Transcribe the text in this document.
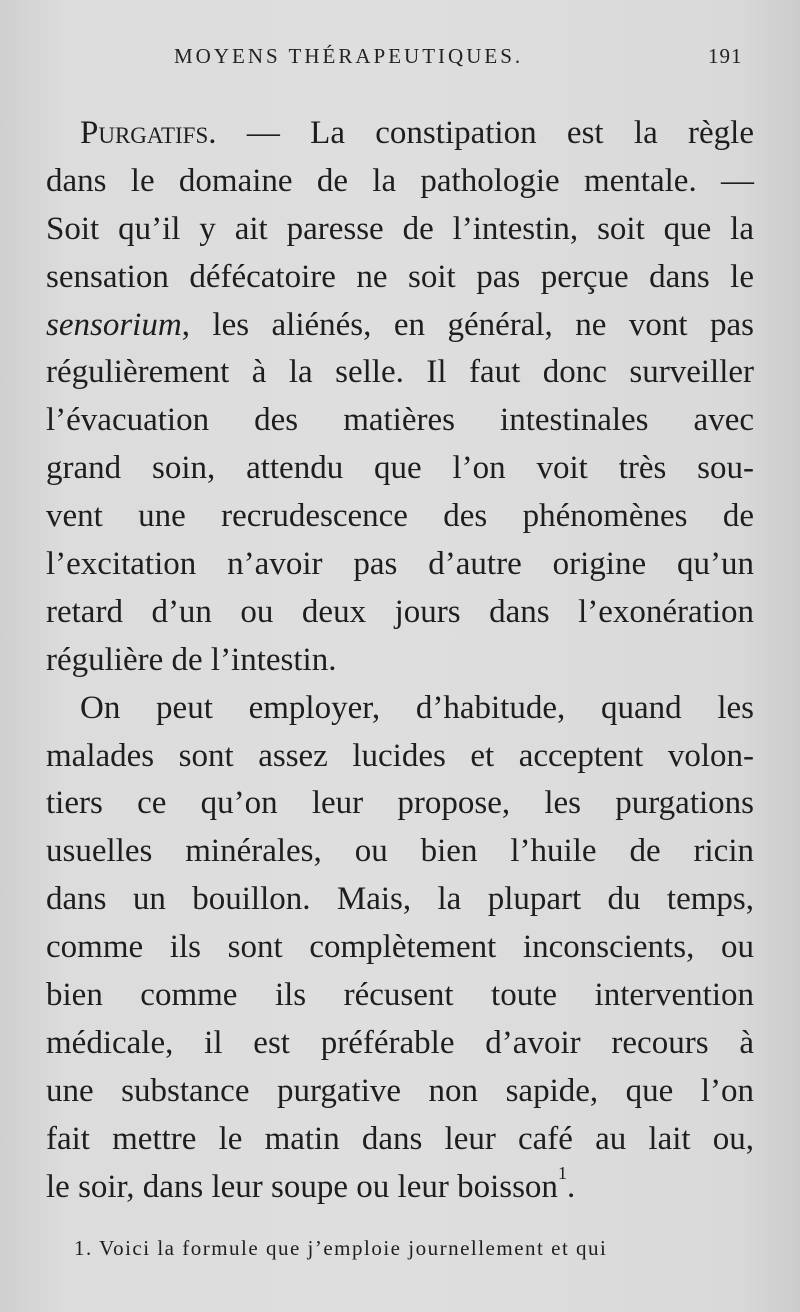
MOYENS THÉRAPEUTIQUES.	191
Purgatifs. — La constipation est la règle
dans le domaine de la pathologie mentale. —
Soit qu’il y ait paresse de l’intestin, soit que la
sensation défécatoire ne soit pas perçue dans le
sensorium, les aliénés, en général, ne vont pas
régulièrement à la selle. Il faut donc surveiller
l’évacuation des matières intestinales avec
grand soin, attendu que l’on voit très sou-
vent une recrudescence des phénomènes de
l’excitation n’avoir pas d’autre origine qu’un
retard d’un ou deux jours dans l’exonération
régulière de l’intestin.
On peut employer, d’habitude, quand les
malades sont assez lucides et acceptent volon-
tiers ce qu’on leur propose, les purgations
usuelles minérales, ou bien l’huile de ricin
dans un bouillon. Mais, la plupart du temps,
comme ils sont complètement inconscients, ou
bien comme ils récusent toute intervention
médicale, il est préférable d’avoir recours à
une substance purgative non sapide, que l’on
fait mettre le matin dans leur café au lait ou,
le soir, dans leur soupe ou leur boisson$^1$.
1. Voici la formule que j’emploie journellement et qui
